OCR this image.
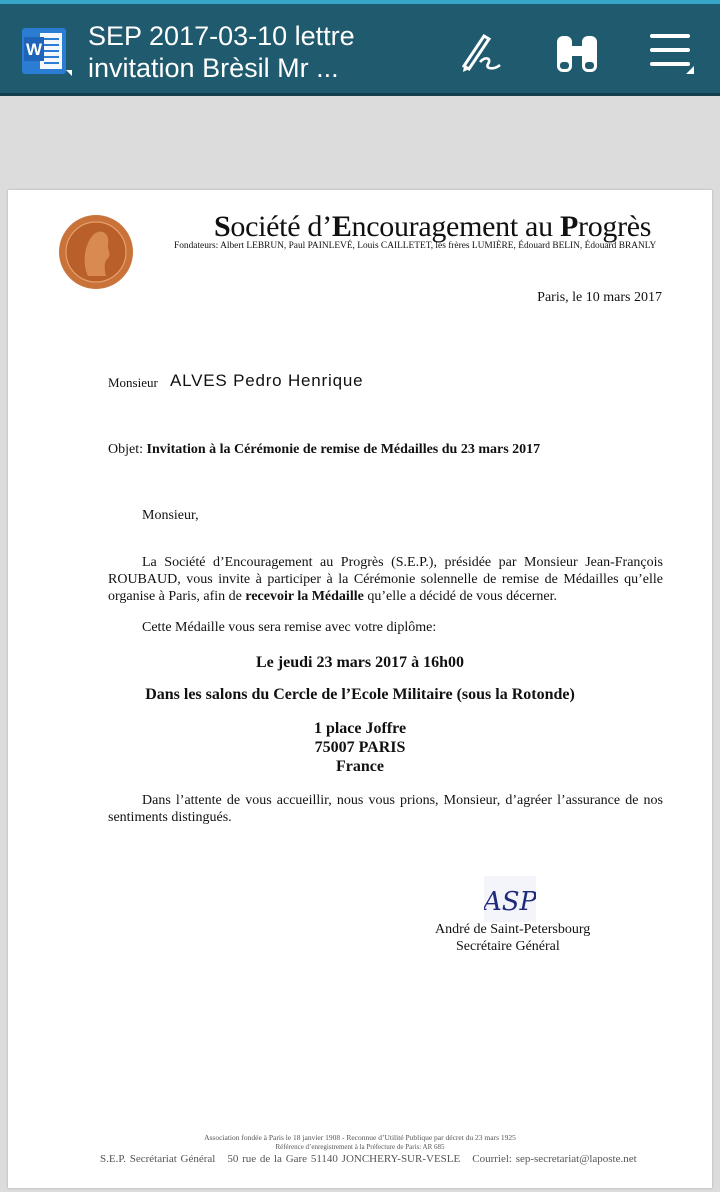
W SEP 2017-03-10 lettre
invitation Brèsil Mr ...
Société d’Encouragement au Progrès
Fondateurs: Albert LEBRUN, Paul PAINLEVÉ, Louis CAILLETET, les frères LUMIÈRE, Édouard BELIN, Édouard BRANLY
Paris, le 10 mars 2017
Monsieur ALVES Pedro Henrique
Objet: Invitation à la Cérémonie de remise de Médailles du 23 mars 2017
Monsieur,
La Société d’Encouragement au Progrès (S.E.P.), présidée par Monsieur Jean-François ROUBAUD, vous invite à participer à la Cérémonie solennelle de remise de Médailles qu’elle organise à Paris, afin de recevoir la Médaille qu’elle a décidé de vous décerner.
Cette Médaille vous sera remise avec votre diplôme:
Le jeudi 23 mars 2017 à 16h00
Dans les salons du Cercle de l’Ecole Militaire (sous la Rotonde)
1 place Joffre
75007 PARIS
France
Dans l’attente de vous accueillir, nous vous prions, Monsieur, d’agréer l’assurance de nos sentiments distingués.
ASP
André de Saint-Petersbourg
Secrétaire Général
Association fondée à Paris le 18 janvier 1908 - Reconnue d’Utilité Publique par décret du 23 mars 1925
Référence d’enregistrement à la Préfecture de Paris: AR 685
S.E.P. Secrétariat Général 50 rue de la Gare 51140 JONCHERY-SUR-VESLE Courriel: sep-secretariat@laposte.net
